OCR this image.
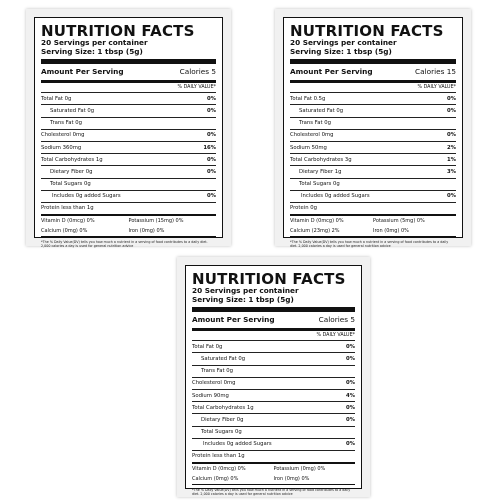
NUTRITION FACTS
20 Servings per container
Serving Size: 1 tbsp (5g)
Amount Per Serving	Calories 5
% DAILY VALUE*
Total Fat 0g	0%
Saturated Fat 0g	0%
Trans Fat 0g
Cholesterol 0mg	0%
Sodium 360mg	16%
Total Carbohydrates 1g	0%
Dietary Fiber 0g	0%
Total Sugars 0g
Includes 0g added Sugars	0%
Protein less than 1g
Vitamin D (0mcg) 0%	Potassium (15mg) 0%
Calcium (0mg) 0%	Iron (0mg) 0%
*The % Daily Value(DV) tells you how much a nutrient in a serving of food contributes to a daily diet. 2,000 calories a day is used for general nutrition advice
NUTRITION FACTS
20 Servings per container
Serving Size: 1 tbsp (5g)
Amount Per Serving	Calories 15
% DAILY VALUE*
Total Fat 0.5g	0%
Saturated Fat 0g	0%
Trans Fat 0g
Cholesterol 0mg	0%
Sodium 50mg	2%
Total Carbohydrates 3g	1%
Dietary Fiber 1g	3%
Total Sugars 0g
Includes 0g added Sugars	0%
Protein 0g
Vitamin D (0mcg) 0%	Potassium (5mg) 0%
Calcium (23mg) 2%	Iron (0mg) 0%
*The % Daily Value(DV) tells you how much a nutrient in a serving of food contributes to a daily diet. 2,000 calories a day is used for general nutrition advice
NUTRITION FACTS
20 Servings per container
Serving Size: 1 tbsp (5g)
Amount Per Serving	Calories 5
% DAILY VALUE*
Total Fat 0g	0%
Saturated Fat 0g	0%
Trans Fat 0g
Cholesterol 0mg	0%
Sodium 90mg	4%
Total Carbohydrates 1g	0%
Dietary Fiber 0g	0%
Total Sugars 0g
Includes 0g added Sugars	0%
Protein less than 1g
Vitamin D (0mcg) 0%	Potassium (0mg) 0%
Calcium (0mg) 0%	Iron (0mg) 0%
*The % Daily Value(DV) tells you how much a nutrient in a serving of food contributes to a daily diet. 2,000 calories a day is used for general nutrition advice
